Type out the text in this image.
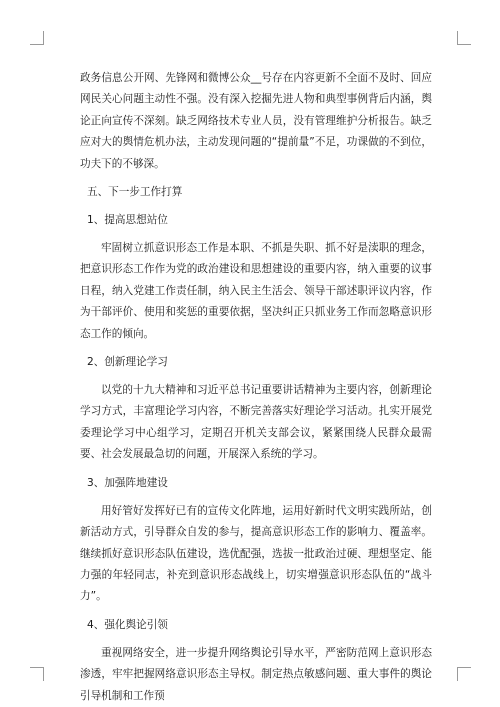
政务信息公开网、先锋网和微博公众__号存在内容更新不全面不及时、回应网民关心问题主动性不强。没有深入挖掘先进人物和典型事例背后内涵，舆论正向宣传不深刻。缺乏网络技术专业人员，没有管理维护分析报告。缺乏应对大的舆情危机办法，主动发现问题的“提前量”不足，功课做的不到位，功夫下的不够深。

五、下一步工作打算

1、提高思想站位

牢固树立抓意识形态工作是本职、不抓是失职、抓不好是渎职的理念，把意识形态工作作为党的政治建设和思想建设的重要内容，纳入重要的议事日程，纳入党建工作责任制，纳入民主生活会、领导干部述职评议内容，作为干部评价、使用和奖惩的重要依据，坚决纠正只抓业务工作而忽略意识形态工作的倾向。

2、创新理论学习

以党的十九大精神和习近平总书记重要讲话精神为主要内容，创新理论学习方式，丰富理论学习内容，不断完善落实好理论学习活动。扎实开展党委理论学习中心组学习，定期召开机关支部会议，紧紧围绕人民群众最需要、社会发展最急切的问题，开展深入系统的学习。

3、加强阵地建设

用好管好发挥好已有的宣传文化阵地，运用好新时代文明实践所站，创新活动方式，引导群众自发的参与，提高意识形态工作的影响力、覆盖率。继续抓好意识形态队伍建设，选优配强，选拔一批政治过硬、理想坚定、能力强的年轻同志，补充到意识形态战线上，切实增强意识形态队伍的“战斗力”。

4、强化舆论引领

重视网络安全，进一步提升网络舆论引导水平，严密防范网上意识形态渗透，牢牢把握网络意识形态主导权。制定热点敏感问题、重大事件的舆论引导机制和工作预
